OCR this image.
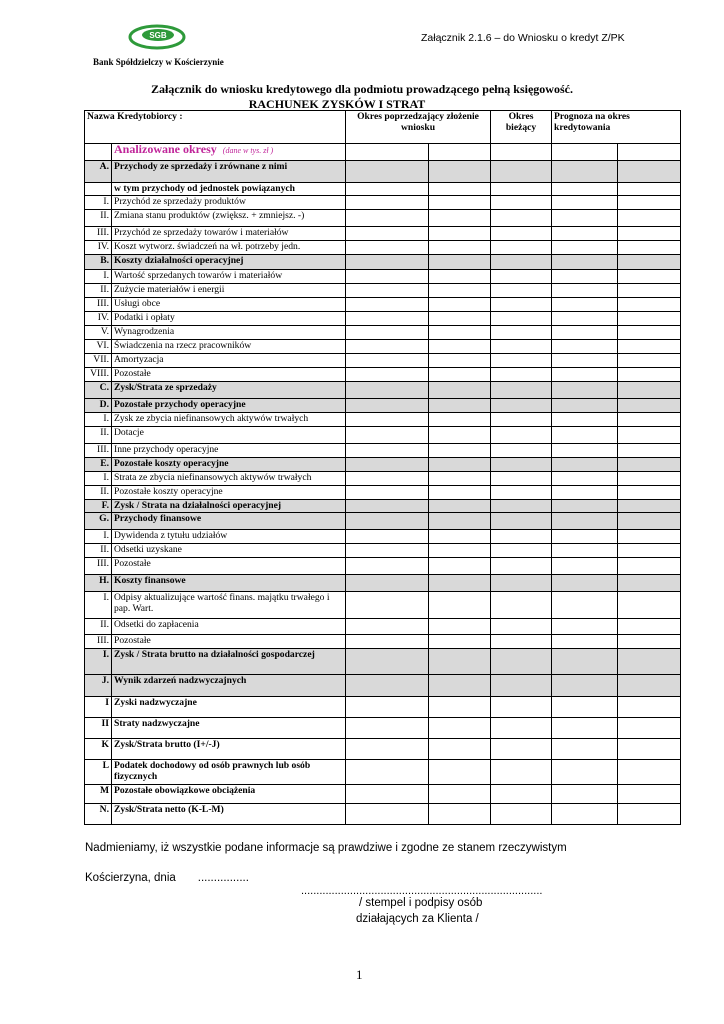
SGB
Bank Spółdzielczy w Kościerzynie
Załącznik 2.1.6 – do Wniosku o kredyt Z/PK
Załącznik do wniosku kredytowego dla podmiotu prowadzącego pełną księgowość.
RACHUNEK ZYSKÓW I STRAT
Nazwa Kredytobiorcy :		Okres poprzedzający złożenie wniosku		Okres bieżący	Prognoza na okres kredytowania	
	Analizowane okresy (dane w tys. zł )					
A.	Przychody ze sprzedaży i zrównane z nimi					
	w tym przychody od jednostek powiązanych					
I.	Przychód ze sprzedaży produktów					
II.	Zmiana stanu produktów (zwiększ. + zmniejsz. -)					
III.	Przychód ze sprzedaży towarów i materiałów					
IV.	Koszt wytworz. świadczeń na wł. potrzeby jedn.					
B.	Koszty działalności operacyjnej					
I.	Wartość sprzedanych towarów i materiałów					
II.	Zużycie materiałów i energii					
III.	Usługi obce					
IV.	Podatki i opłaty					
V.	Wynagrodzenia					
VI.	Świadczenia na rzecz pracowników					
VII.	Amortyzacja					
VIII.	Pozostałe					
C.	Zysk/Strata ze sprzedaży					
D.	Pozostałe przychody operacyjne					
I.	Zysk ze zbycia niefinansowych aktywów trwałych					
II.	Dotacje					
III.	Inne przychody operacyjne					
E.	Pozostałe koszty operacyjne					
I.	Strata ze zbycia niefinansowych aktywów trwałych					
II.	Pozostałe koszty operacyjne					
F.	Zysk / Strata na działalności operacyjnej					
G.	Przychody finansowe					
I.	Dywidenda z tytułu udziałów					
II.	Odsetki uzyskane					
III.	Pozostałe					
H.	Koszty finansowe					
I.	Odpisy aktualizujące wartość finans. majątku trwałego i pap. Wart.					
II.	Odsetki do zapłacenia					
III.	Pozostałe					
I.	Zysk / Strata brutto na działalności gospodarczej					
J.	Wynik zdarzeń nadzwyczajnych					
I	Zyski nadzwyczajne					
II	Straty nadzwyczajne					
K	Zysk/Strata brutto (I+/-J)					
L	Podatek dochodowy od osób prawnych lub osób fizycznych					
M	Pozostałe obowiązkowe obciążenia					
N.	Zysk/Strata netto (K-L-M)					
Nadmieniamy, iż wszystkie podane informacje są prawdziwe i zgodne ze stanem rzeczywistym
Kościerzyna, dnia ................
...............................................................................
/ stempel i podpisy osób
działających za Klienta /
1
